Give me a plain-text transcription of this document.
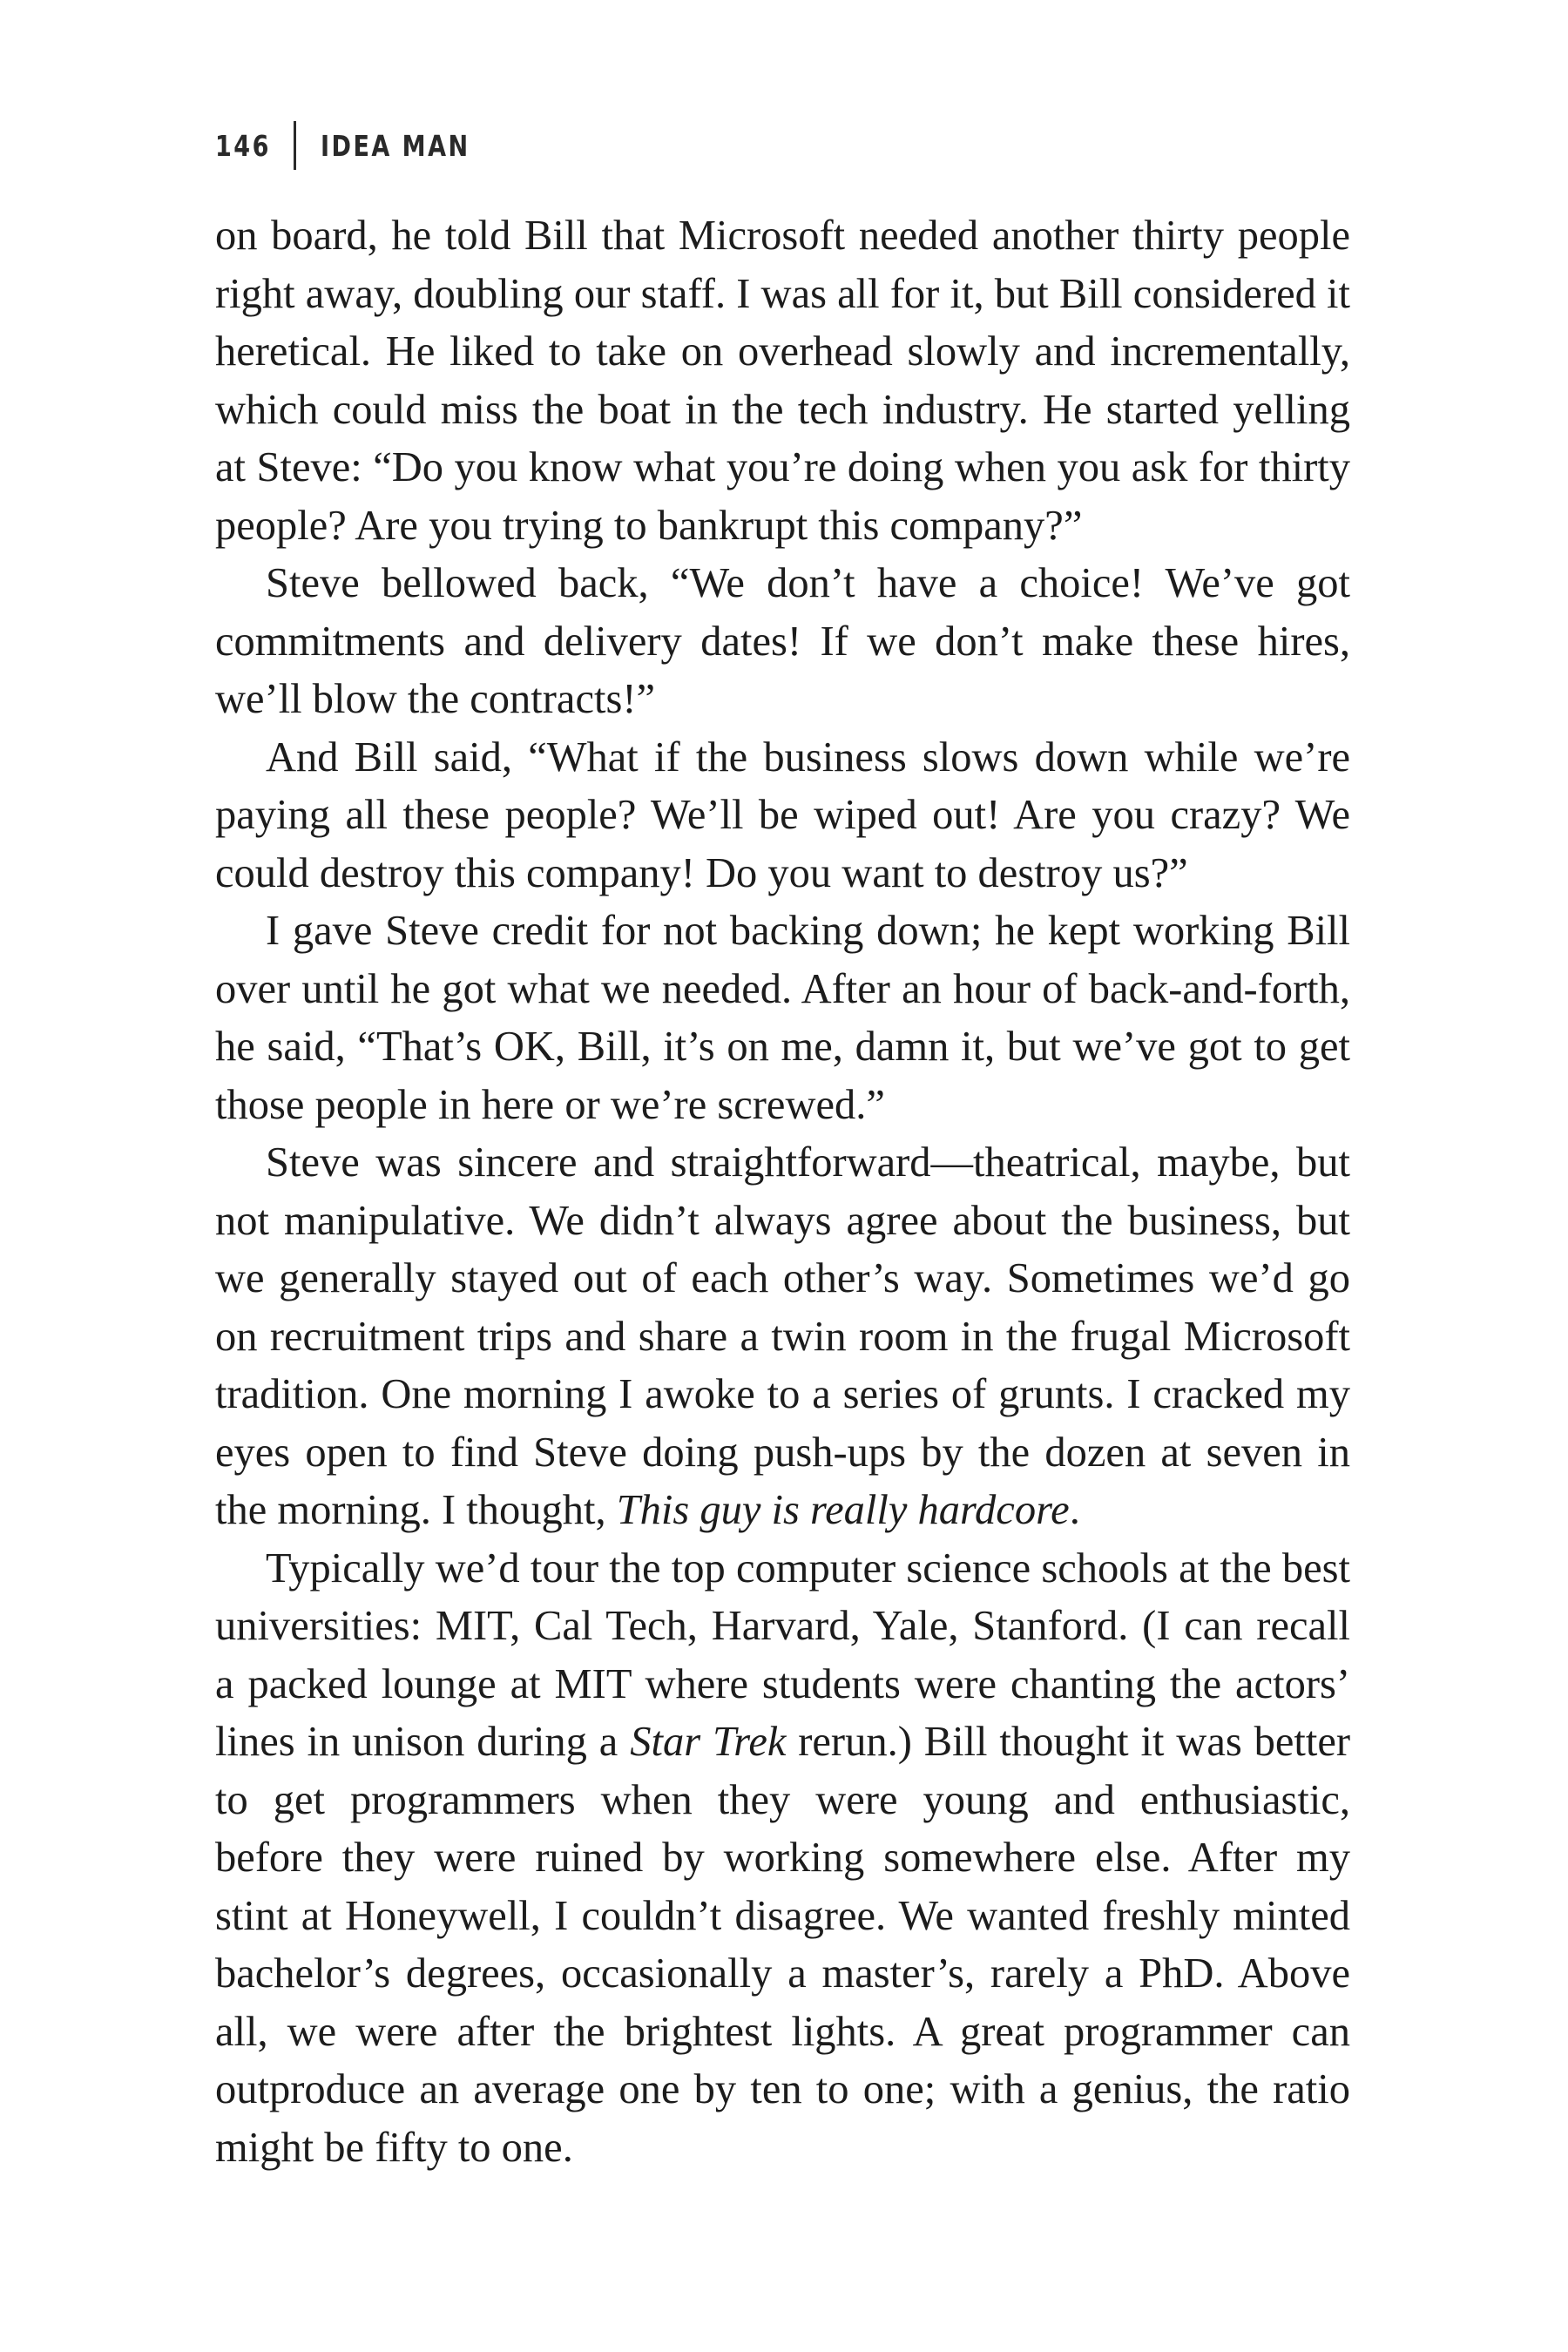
146 IDEA MAN

on board, he told Bill that Microsoft needed another thirty people right away, doubling our staff. I was all for it, but Bill considered it heretical. He liked to take on overhead slowly and incrementally, which could miss the boat in the tech industry. He started yelling at Steve: “Do you know what you’re doing when you ask for thirty people? Are you trying to bankrupt this company?”

Steve bellowed back, “We don’t have a choice! We’ve got commitments and delivery dates! If we don’t make these hires, we’ll blow the contracts!”

And Bill said, “What if the business slows down while we’re paying all these people? We’ll be wiped out! Are you crazy? We could destroy this company! Do you want to destroy us?”

I gave Steve credit for not backing down; he kept working Bill over until he got what we needed. After an hour of back-and-forth, he said, “That’s OK, Bill, it’s on me, damn it, but we’ve got to get those people in here or we’re screwed.”

Steve was sincere and straightforward—theatrical, maybe, but not manipulative. We didn’t always agree about the business, but we generally stayed out of each other’s way. Sometimes we’d go on recruitment trips and share a twin room in the frugal Microsoft tradition. One morning I awoke to a series of grunts. I cracked my eyes open to find Steve doing push-ups by the dozen at seven in the morning. I thought, This guy is really hardcore.

Typically we’d tour the top computer science schools at the best universities: MIT, Cal Tech, Harvard, Yale, Stanford. (I can recall a packed lounge at MIT where students were chanting the actors’ lines in unison during a Star Trek rerun.) Bill thought it was better to get programmers when they were young and enthusiastic, before they were ruined by working somewhere else. After my stint at Honeywell, I couldn’t disagree. We wanted freshly minted bachelor’s degrees, occasionally a master’s, rarely a PhD. Above all, we were after the brightest lights. A great programmer can outproduce an average one by ten to one; with a genius, the ratio might be fifty to one.
